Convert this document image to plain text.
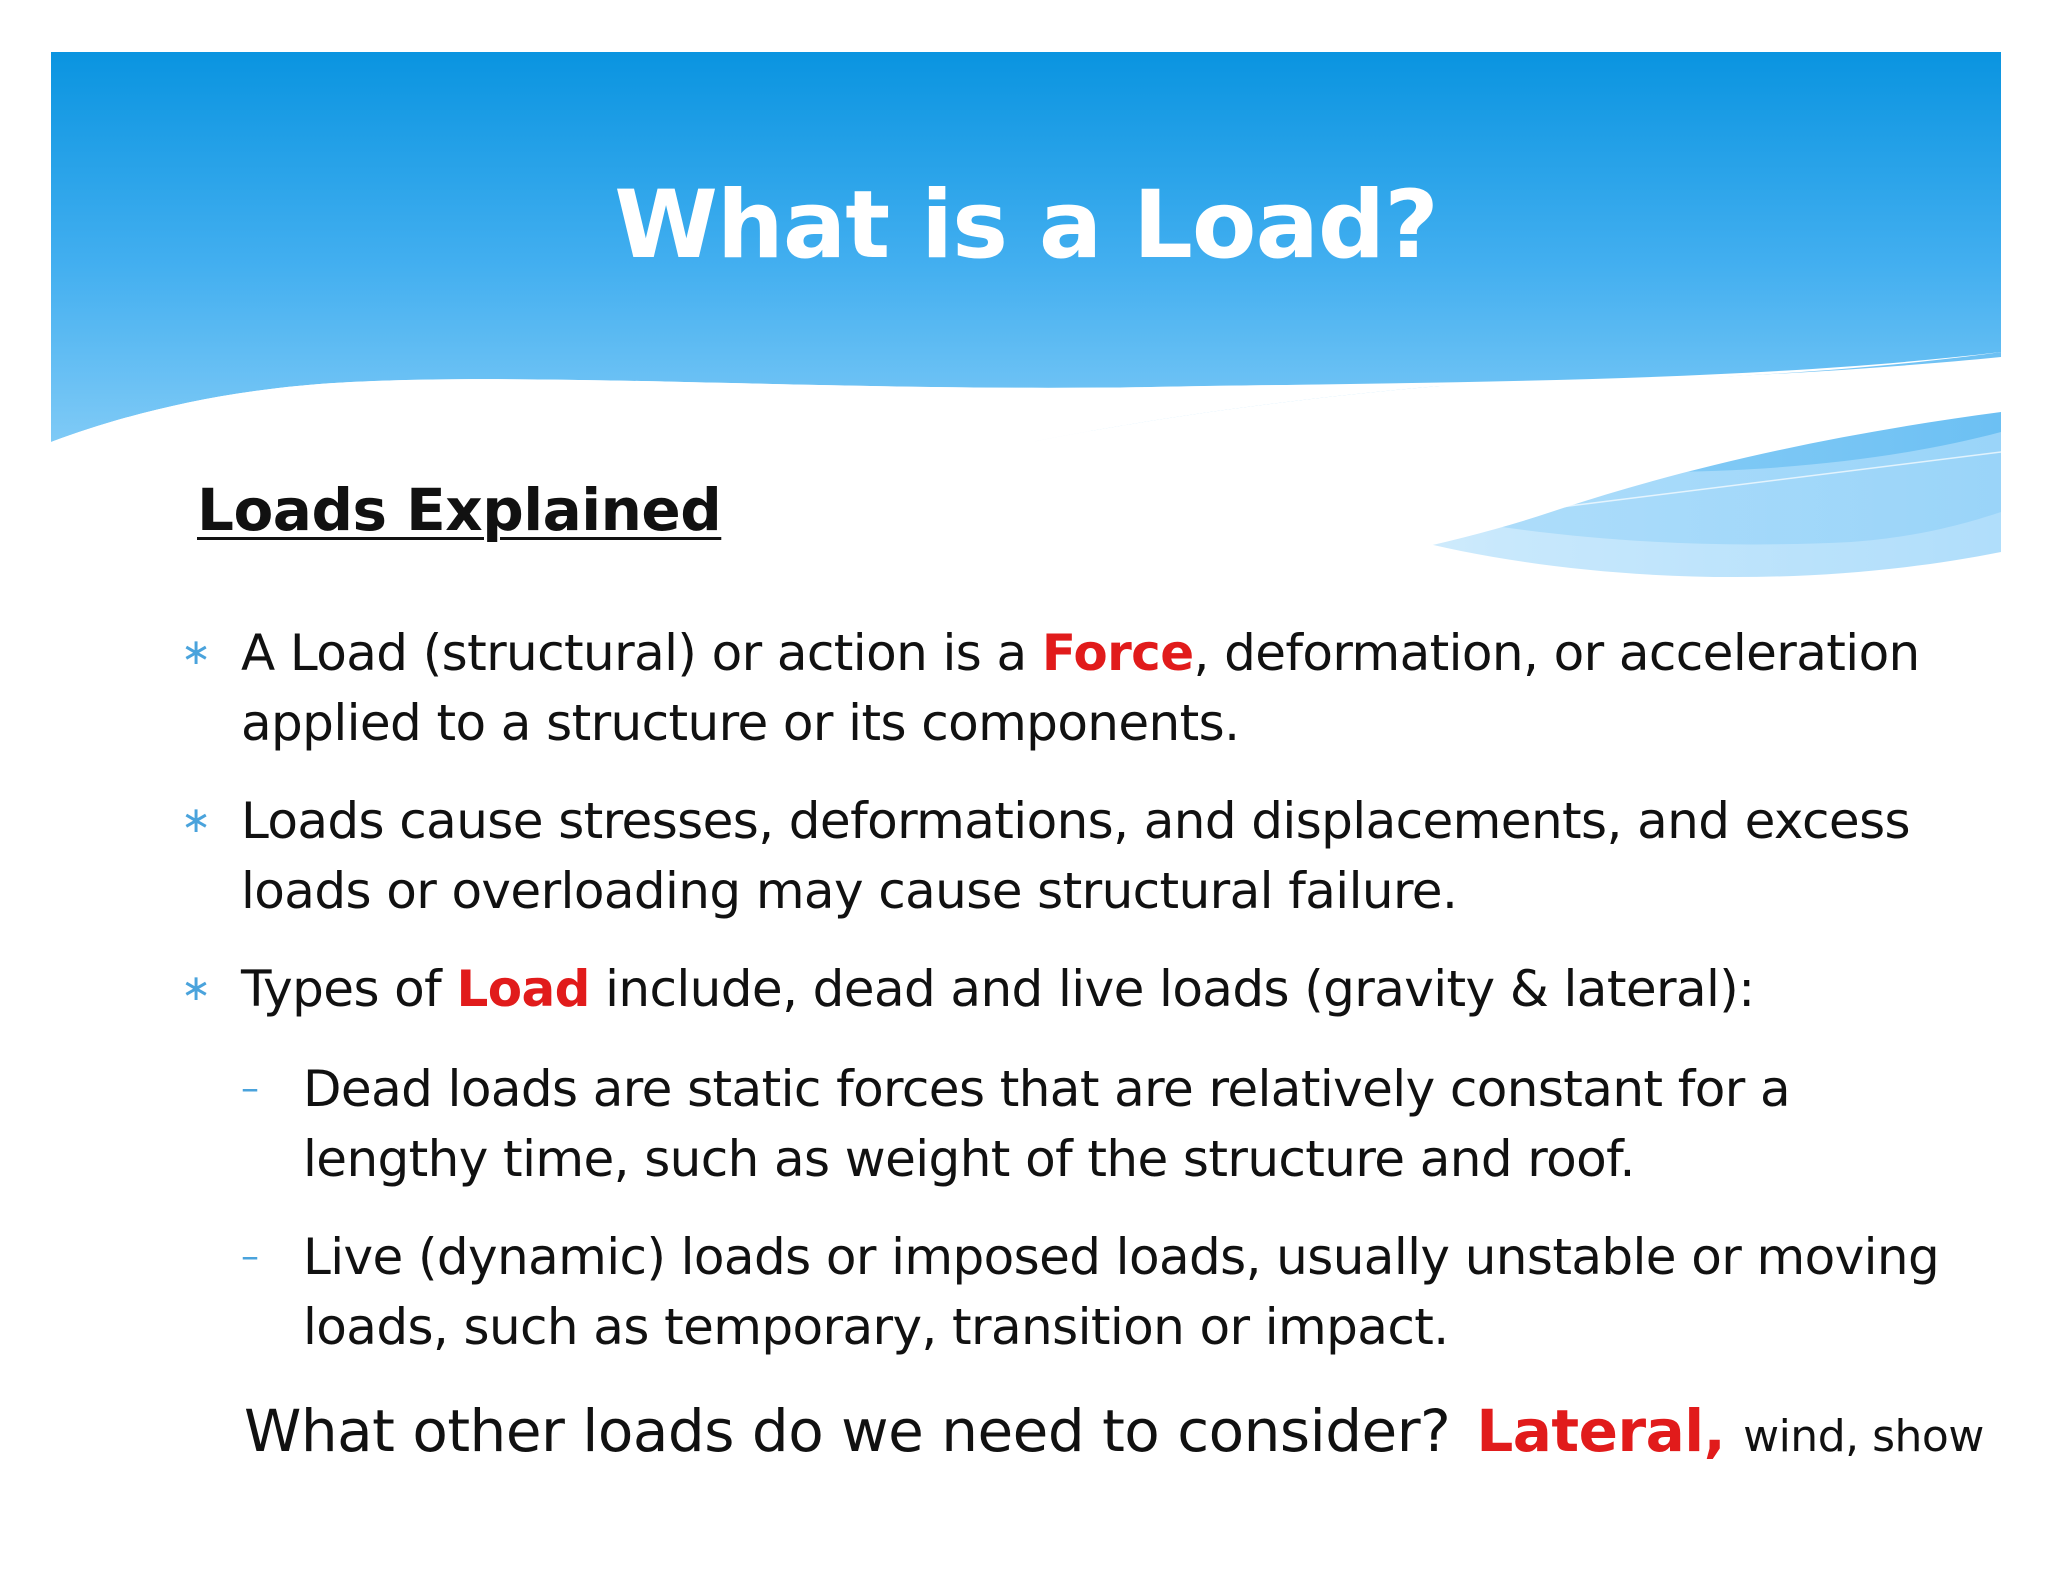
What is a Load?
Loads Explained
∗ A Load (structural) or action is a Force, deformation, or acceleration applied to a structure or its components.
∗ Loads cause stresses, deformations, and displacements, and excess loads or overloading may cause structural failure.
∗ Types of Load include, dead and live loads (gravity & lateral):
– Dead loads are static forces that are relatively constant for a lengthy time, such as weight of the structure and roof.
– Live (dynamic) loads or imposed loads, usually unstable or moving loads, such as temporary, transition or impact.
What other loads do we need to consider? Lateral, wind, show
